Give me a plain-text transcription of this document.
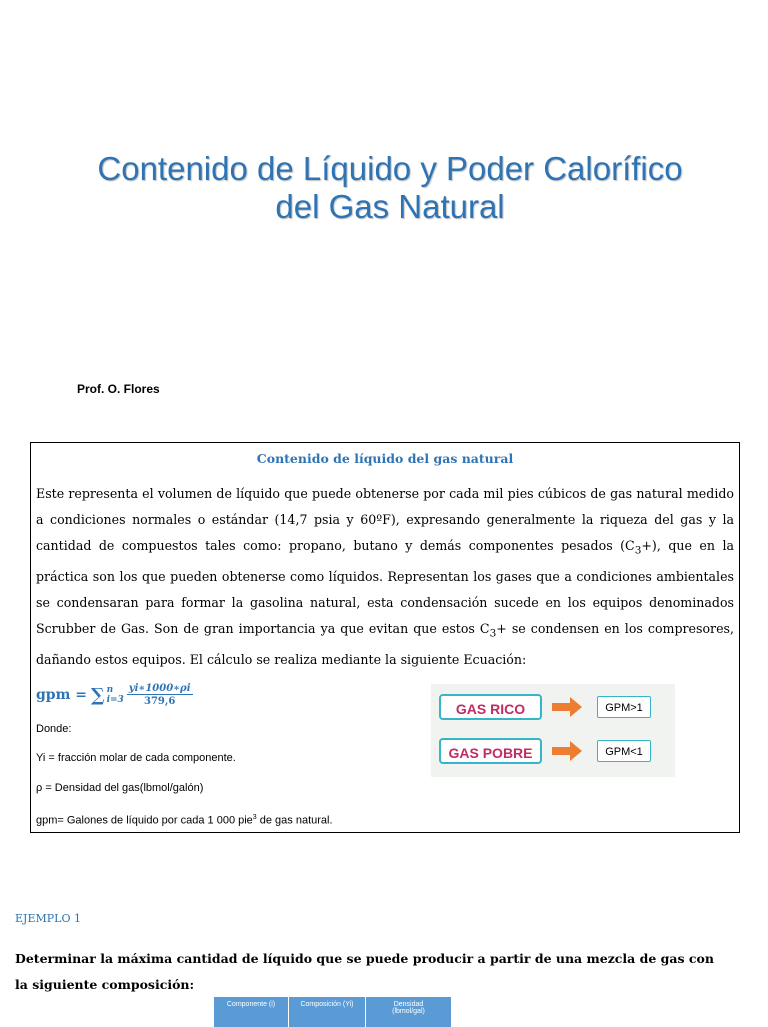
Contenido de Líquido y Poder Calorífico
del Gas Natural
Prof. O. Flores
Contenido de líquido del gas natural
Este representa el volumen de líquido que puede obtenerse por cada mil pies cúbicos de gas natural medido a condiciones normales o estándar (14,7 psia y 60ºF), expresando generalmente la riqueza del gas y la cantidad de compuestos tales como: propano, butano y demás componentes pesados $(C_3+)$, que en la práctica son los que pueden obtenerse como líquidos. Representan los gases que a condiciones ambientales se condensaran para formar la gasolina natural, esta condensación sucede en los equipos denominados Scrubber de Gas. Son de gran importancia ya que evitan que estos $C_3+$ se condensen en los compresores, dañando estos equipos. El cálculo se realiza mediante la siguiente Ecuación:
gpm = ∑ n
$i=3 \frac{yi∗1000∗\rho i}{379,6}$
Donde:
Yi = fracción molar de cada componente.
ρ = Densidad del gas(lbmol/galón)
gpm= Galones de líquido por cada 1 000 pie$^3$ de gas natural.
GAS RICO	GPM>1
GAS POBRE	GPM<1
EJEMPLO 1
Determinar la máxima cantidad de líquido que se puede producir a partir de una mezcla de gas con la siguiente composición:
Componente (i)	Composición (Yi)	Densidad
(lbmol/gal)
